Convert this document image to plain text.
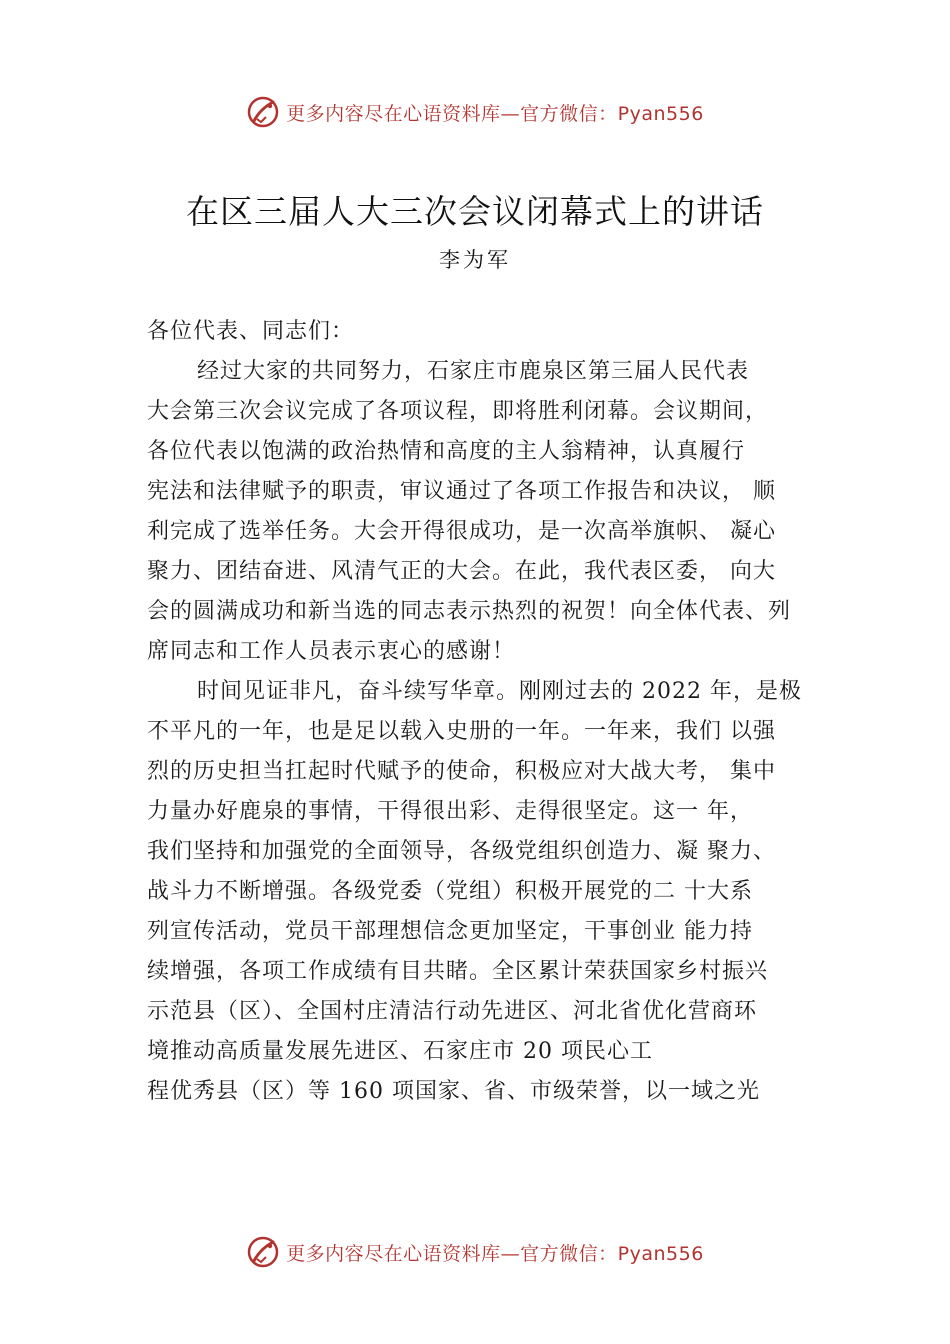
更多内容尽在心语资料库—官方微信：Pyan556
在区三届人大三次会议闭幕式上的讲话
李为军
各位代表、同志们：
经过大家的共同努力，石家庄市鹿泉区第三届人民代表
大会第三次会议完成了各项议程，即将胜利闭幕。会议期间，
各位代表以饱满的政治热情和高度的主人翁精神，认真履行
宪法和法律赋予的职责，审议通过了各项工作报告和决议， 顺
利完成了选举任务。大会开得很成功，是一次高举旗帜、 凝心
聚力、团结奋进、风清气正的大会。在此，我代表区委， 向大
会的圆满成功和新当选的同志表示热烈的祝贺！向全体代表、列
席同志和工作人员表示衷心的感谢！
时间见证非凡，奋斗续写华章。刚刚过去的 2022 年，是极
不平凡的一年，也是足以载入史册的一年。一年来，我们 以强
烈的历史担当扛起时代赋予的使命，积极应对大战大考， 集中
力量办好鹿泉的事情，干得很出彩、走得很坚定。这一 年，
我们坚持和加强党的全面领导，各级党组织创造力、凝 聚力、
战斗力不断增强。各级党委（党组）积极开展党的二 十大系
列宣传活动，党员干部理想信念更加坚定，干事创业 能力持
续增强，各项工作成绩有目共睹。全区累计荣获国家乡村振兴
示范县（区）、全国村庄清洁行动先进区、河北省优化营商环
境推动高质量发展先进区、石家庄市 20 项民心工
程优秀县（区）等 160 项国家、省、市级荣誉，以一域之光
更多内容尽在心语资料库—官方微信：Pyan556
